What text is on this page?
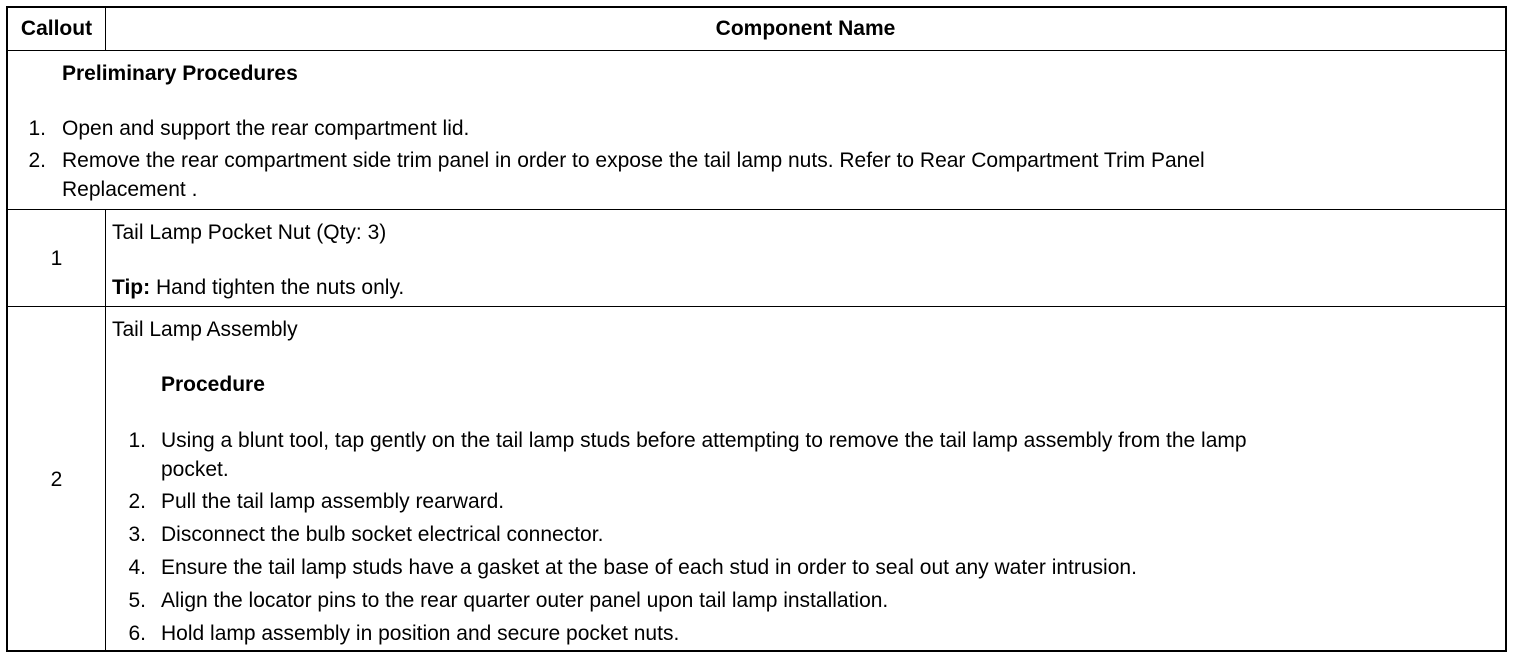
Callout	Component Name
Preliminary Procedures
1. Open and support the rear compartment lid.
2. Remove the rear compartment side trim panel in order to expose the tail lamp nuts. Refer to Rear Compartment Trim Panel
Replacement .
1
Tail Lamp Pocket Nut (Qty: 3)
Tip: Hand tighten the nuts only.
2
Tail Lamp Assembly
Procedure
1. Using a blunt tool, tap gently on the tail lamp studs before attempting to remove the tail lamp assembly from the lamp
pocket.
2. Pull the tail lamp assembly rearward.
3. Disconnect the bulb socket electrical connector.
4. Ensure the tail lamp studs have a gasket at the base of each stud in order to seal out any water intrusion.
5. Align the locator pins to the rear quarter outer panel upon tail lamp installation.
6. Hold lamp assembly in position and secure pocket nuts.
